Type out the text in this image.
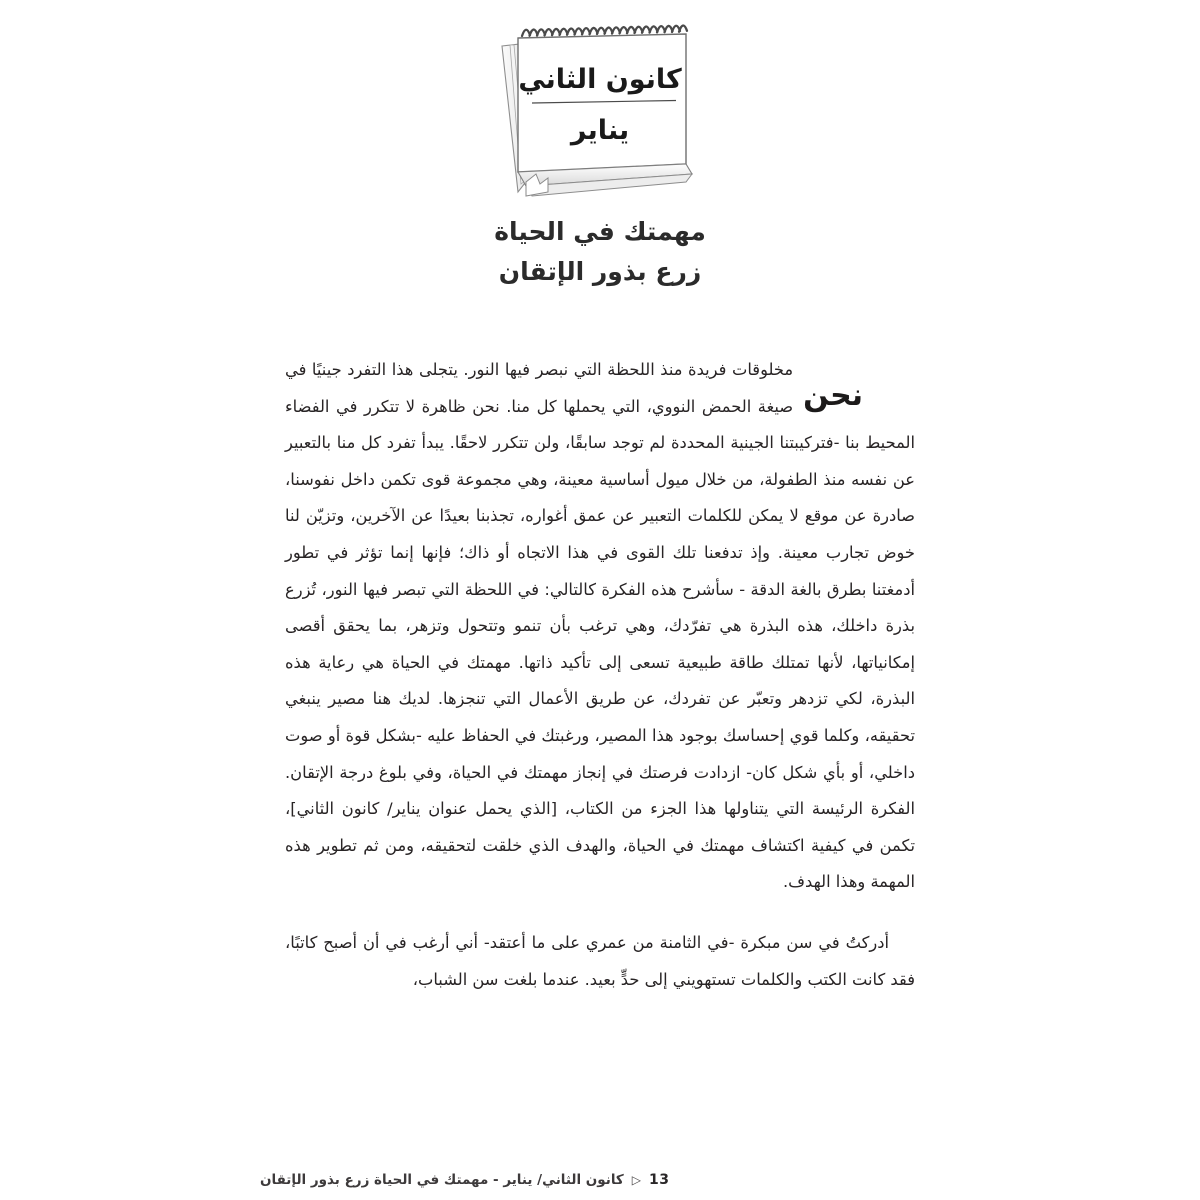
كانون الثاني
يناير
مهمتك في الحياة
زرع بذور الإتقان

نحن
مخلوقات فريدة منذ اللحظة التي نبصر فيها النور. يتجلى هذا التفرد جينيًا في صيغة الحمض النووي، التي يحملها كل منا. نحن ظاهرة لا تتكرر في الفضاء المحيط بنا -فتركيبتنا الجينية المحددة لم توجد سابقًا، ولن تتكرر لاحقًا. يبدأ تفرد كل منا بالتعبير عن نفسه منذ الطفولة، من خلال ميول أساسية معينة، وهي مجموعة قوى تكمن داخل نفوسنا، صادرة عن موقع لا يمكن للكلمات التعبير عن عمق أغواره، تجذبنا بعيدًا عن الآخرين، وتزيّن لنا خوض تجارب معينة. وإذ تدفعنا تلك القوى في هذا الاتجاه أو ذاك؛ فإنها إنما تؤثر في تطور أدمغتنا بطرق بالغة الدقة - سأشرح هذه الفكرة كالتالي: في اللحظة التي تبصر فيها النور، تُزرع بذرة داخلك، هذه البذرة هي تفرّدك، وهي ترغب بأن تنمو وتتحول وتزهر، بما يحقق أقصى إمكانياتها، لأنها تمتلك طاقة طبيعية تسعى إلى تأكيد ذاتها. مهمتك في الحياة هي رعاية هذه البذرة، لكي تزدهر وتعبّر عن تفردك، عن طريق الأعمال التي تنجزها. لديك هنا مصير ينبغي تحقيقه، وكلما قوي إحساسك بوجود هذا المصير، ورغبتك في الحفاظ عليه -بشكل قوة أو صوت داخلي، أو بأي شكل كان- ازدادت فرصتك في إنجاز مهمتك في الحياة، وفي بلوغ درجة الإتقان. الفكرة الرئيسة التي يتناولها هذا الجزء من الكتاب، [الذي يحمل عنوان يناير/ كانون الثاني]، تكمن في كيفية اكتشاف مهمتك في الحياة، والهدف الذي خلقت لتحقيقه، ومن ثم تطوير هذه المهمة وهذا الهدف.

أدركتُ في سن مبكرة -في الثامنة من عمري على ما أعتقد- أني أرغب في أن أصبح كاتبًا، فقد كانت الكتب والكلمات تستهويني إلى حدٍّ بعيد. عندما بلغت سن الشباب،

كانون الثاني/ يناير - مهمتك في الحياة زرع بذور الإتقان ▷ 13
